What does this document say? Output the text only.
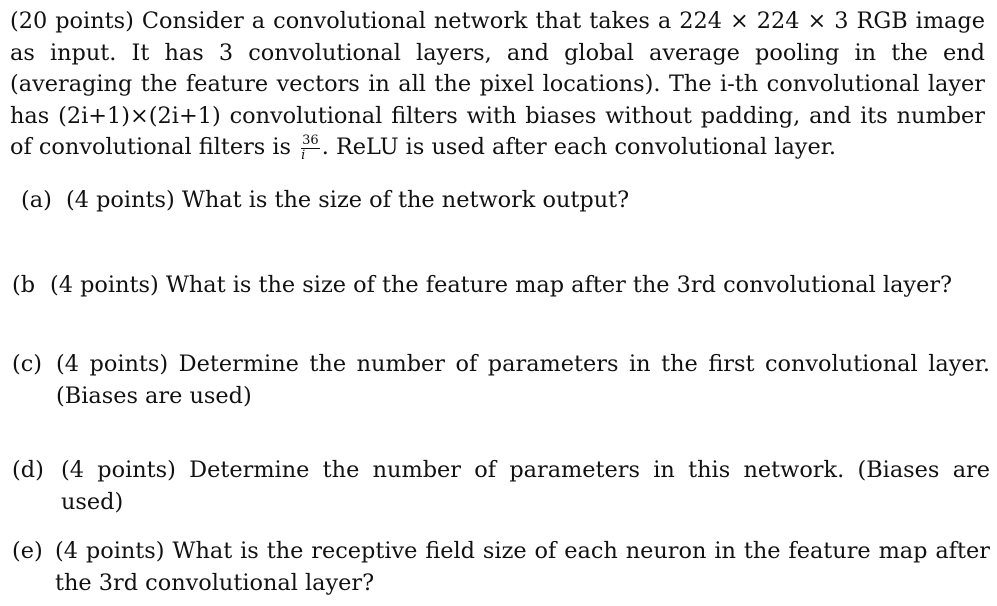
(20 points) Consider a convolutional network that takes a 224 × 224 × 3 RGB image as input. It has 3 convolutional layers, and global average pooling in the end (averaging the feature vectors in all the pixel locations). The i-th convolutional layer has (2i+1)×(2i+1) convolutional filters with biases without padding, and its number of convolutional filters is $\frac{36}{i}$ . ReLU is used after each convolutional layer.
(a) (4 points) What is the size of the network output?
(b (4 points) What is the size of the feature map after the 3rd convolutional layer?
(c) (4 points) Determine the number of parameters in the first convolutional layer. (Biases are used)
(d) (4 points) Determine the number of parameters in this network. (Biases are used)
(e) (4 points) What is the receptive field size of each neuron in the feature map after the 3rd convolutional layer?
